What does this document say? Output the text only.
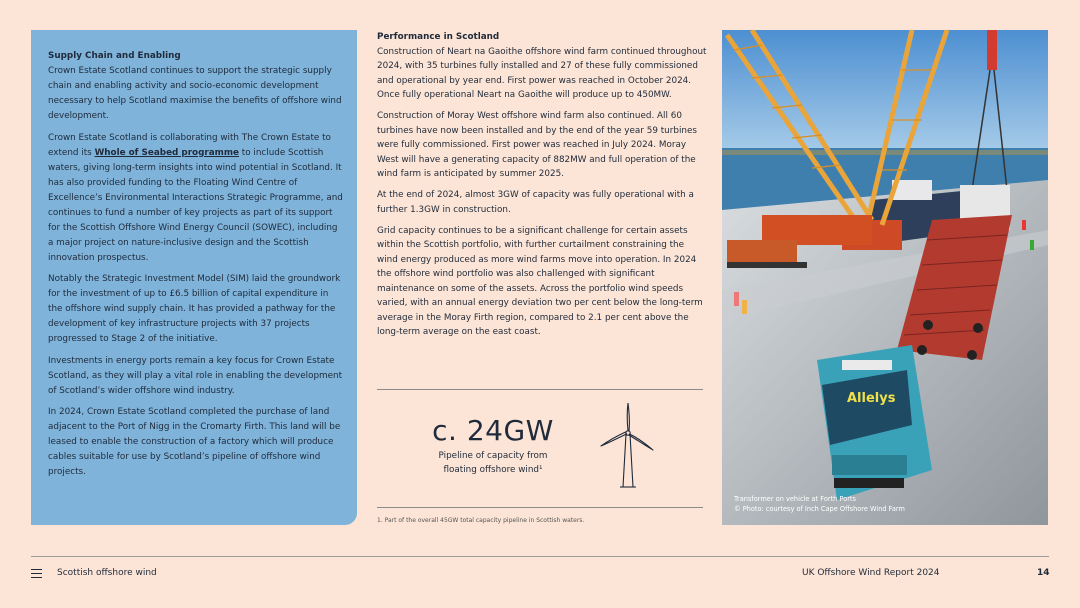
Supply Chain and Enabling

Crown Estate Scotland continues to support the strategic supply chain and enabling activity and socio-economic development necessary to help Scotland maximise the benefits of offshore wind development.

Crown Estate Scotland is collaborating with The Crown Estate to extend its Whole of Seabed programme to include Scottish waters, giving long-term insights into wind potential in Scotland. It has also provided funding to the Floating Wind Centre of Excellence’s Environmental Interactions Strategic Programme, and continues to fund a number of key projects as part of its support for the Scottish Offshore Wind Energy Council (SOWEC), including a major project on nature-inclusive design and the Scottish innovation prospectus.

Notably the Strategic Investment Model (SIM) laid the groundwork for the investment of up to £6.5 billion of capital expenditure in the offshore wind supply chain. It has provided a pathway for the development of key infrastructure projects with 37 projects progressed to Stage 2 of the initiative.

Investments in energy ports remain a key focus for Crown Estate Scotland, as they will play a vital role in enabling the development of Scotland’s wider offshore wind industry.

In 2024, Crown Estate Scotland completed the purchase of land adjacent to the Port of Nigg in the Cromarty Firth. This land will be leased to enable the construction of a factory which will produce cables suitable for use by Scotland’s pipeline of offshore wind projects.

Performance in Scotland

Construction of Neart na Gaoithe offshore wind farm continued throughout 2024, with 35 turbines fully installed and 27 of these fully commissioned and operational by year end. First power was reached in October 2024. Once fully operational Neart na Gaoithe will produce up to 450MW.

Construction of Moray West offshore wind farm also continued. All 60 turbines have now been installed and by the end of the year 59 turbines were fully commissioned. First power was reached in July 2024. Moray West will have a generating capacity of 882MW and full operation of the wind farm is anticipated by summer 2025.

At the end of 2024, almost 3GW of capacity was fully operational with a further 1.3GW in construction.

Grid capacity continues to be a significant challenge for certain assets within the Scottish portfolio, with further curtailment constraining the wind energy produced as more wind farms move into operation. In 2024 the offshore wind portfolio was also challenged with significant maintenance on some of the assets. Across the portfolio wind speeds varied, with an annual energy deviation two per cent below the long-term average in the Moray Firth region, compared to 2.1 per cent above the long-term average on the east coast.

c. 24GW
Pipeline of capacity from
floating offshore wind¹
1. Part of the overall 45GW total capacity pipeline in Scottish waters.
Allelys
Transformer on vehicle at Forth Ports
© Photo: courtesy of Inch Cape Offshore Wind Farm
Scottish offshore wind	UK Offshore Wind Report 2024	14
